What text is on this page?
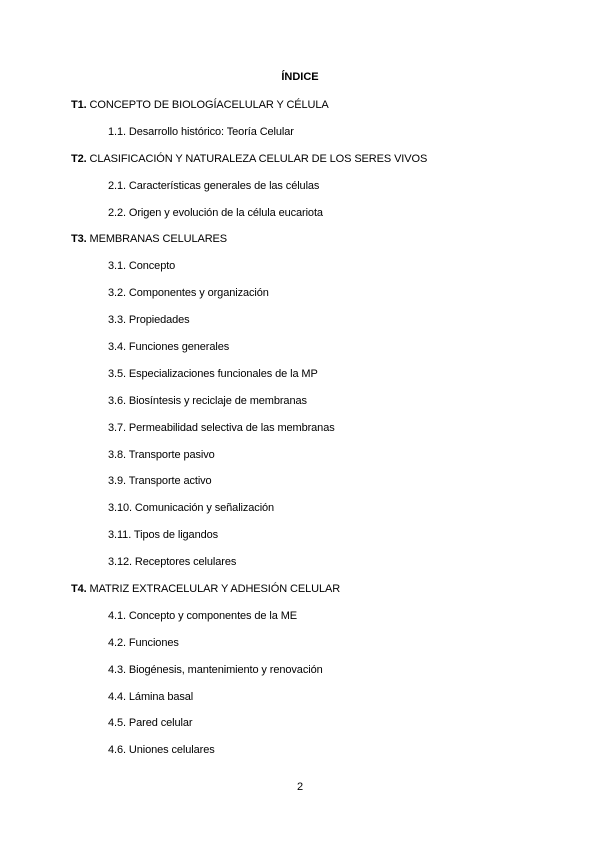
ÍNDICE
T1. CONCEPTO DE BIOLOGÍACELULAR Y CÉLULA
1.1. Desarrollo histórico: Teoría Celular
T2. CLASIFICACIÓN Y NATURALEZA CELULAR DE LOS SERES VIVOS
2.1. Características generales de las células
2.2. Origen y evolución de la célula eucariota
T3. MEMBRANAS CELULARES
3.1. Concepto
3.2. Componentes y organización
3.3. Propiedades
3.4. Funciones generales
3.5. Especializaciones funcionales de la MP
3.6. Biosíntesis y reciclaje de membranas
3.7. Permeabilidad selectiva de las membranas
3.8. Transporte pasivo
3.9. Transporte activo
3.10. Comunicación y señalización
3.11. Tipos de ligandos
3.12. Receptores celulares
T4. MATRIZ EXTRACELULAR Y ADHESIÓN CELULAR
4.1. Concepto y componentes de la ME
4.2. Funciones
4.3. Biogénesis, mantenimiento y renovación
4.4. Lámina basal
4.5. Pared celular
4.6. Uniones celulares
2
